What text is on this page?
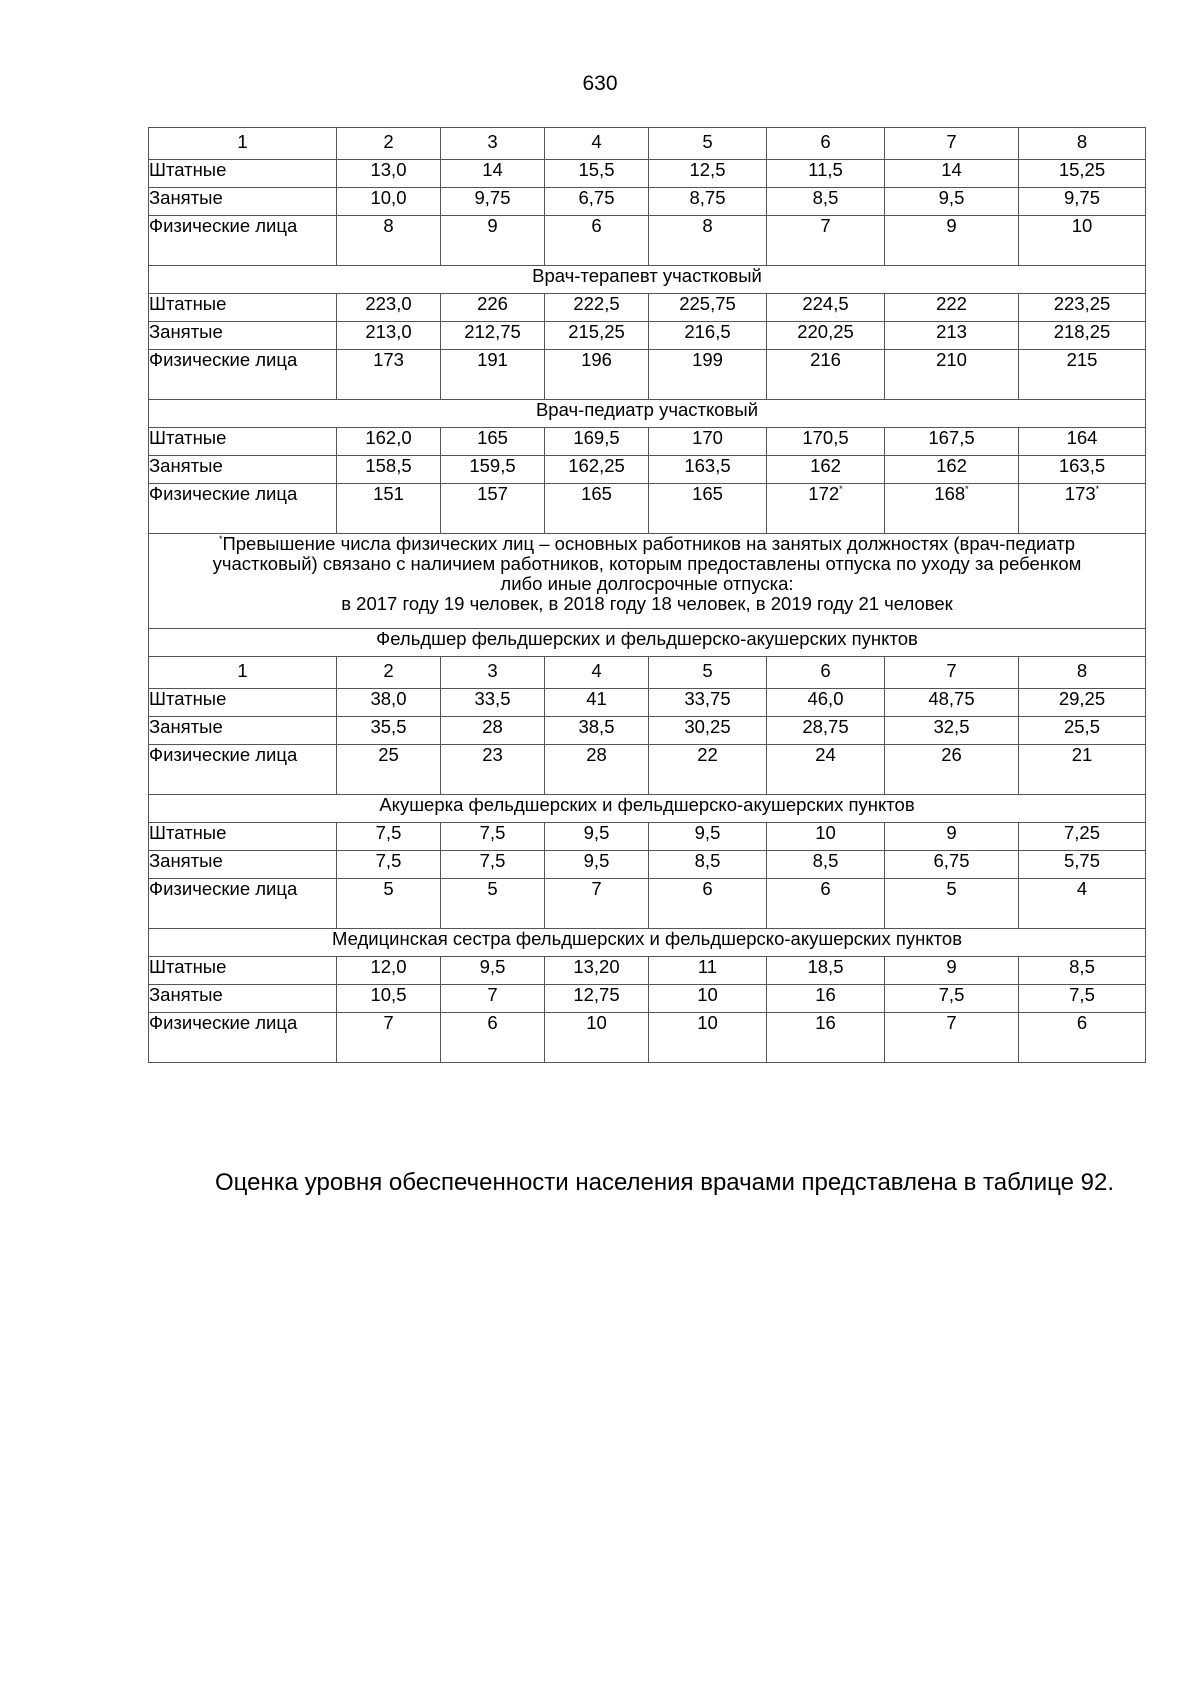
630
1	2	3	4	5	6	7	8
Штатные	13,0	14	15,5	12,5	11,5	14	15,25
Занятые	10,0	9,75	6,75	8,75	8,5	9,5	9,75
Физические лица	8	9	6	8	7	9	10
Врач-терапевт участковый							
Штатные	223,0	226	222,5	225,75	224,5	222	223,25
Занятые	213,0	212,75	215,25	216,5	220,25	213	218,25
Физические лица	173	191	196	199	216	210	215
Врач-педиатр участковый							
Штатные	162,0	165	169,5	170	170,5	167,5	164
Занятые	158,5	159,5	162,25	163,5	162	162	163,5
Физические лица	151	157	165	165	172*	168*	173*

*Превышение числа физических лиц – основных работников на занятых должностях (врач-педиатр
участковый) связано с наличием работников, которым предоставлены отпуска по уходу за ребенком
либо иные долгосрочные отпуска:
в 2017 году 19 человек, в 2018 году 18 человек, в 2019 году 21 человек							

Фельдшер фельдшерских и фельдшерско-акушерских пунктов							
1	2	3	4	5	6	7	8
Штатные	38,0	33,5	41	33,75	46,0	48,75	29,25
Занятые	35,5	28	38,5	30,25	28,75	32,5	25,5
Физические лица	25	23	28	22	24	26	21
Акушерка фельдшерских и фельдшерско-акушерских пунктов							
Штатные	7,5	7,5	9,5	9,5	10	9	7,25
Занятые	7,5	7,5	9,5	8,5	8,5	6,75	5,75
Физические лица	5	5	7	6	6	5	4
Медицинская сестра фельдшерских и фельдшерско-акушерских пунктов							
Штатные	12,0	9,5	13,20	11	18,5	9	8,5
Занятые	10,5	7	12,75	10	16	7,5	7,5
Физические лица	7	6	10	10	16	7	6

Оценка уровня обеспеченности населения врачами представлена в таблице 92.
